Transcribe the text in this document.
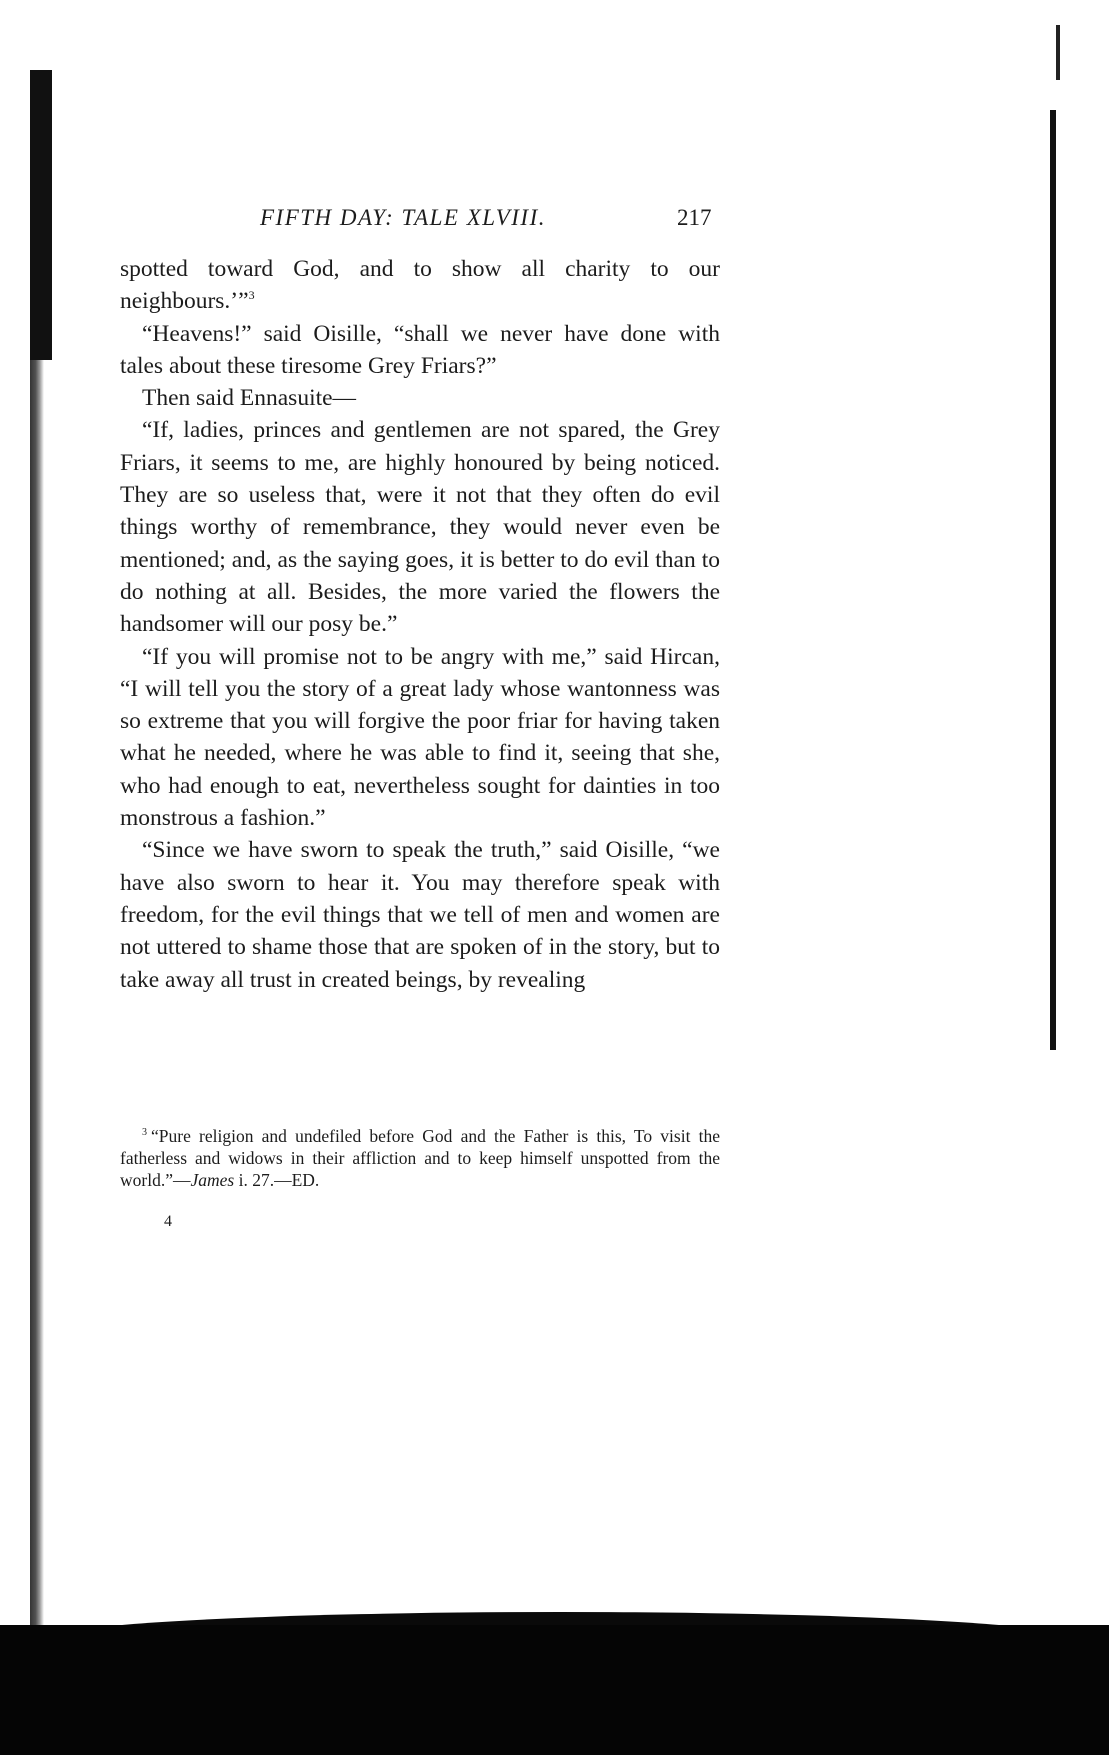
FIFTH DAY: TALE XLVIII.	217

spotted toward God, and to show all charity to our neighbours.’”$^3$

“Heavens!” said Oisille, “shall we never have done with tales about these tiresome Grey Friars?”

Then said Ennasuite—

“If, ladies, princes and gentlemen are not spared, the Grey Friars, it seems to me, are highly honoured by being noticed. They are so useless that, were it not that they often do evil things worthy of remembrance, they would never even be mentioned; and, as the saying goes, it is better to do evil than to do nothing at all. Besides, the more varied the flowers the handsomer will our posy be.”

“If you will promise not to be angry with me,” said Hircan, “I will tell you the story of a great lady whose wantonness was so extreme that you will forgive the poor friar for having taken what he needed, where he was able to find it, seeing that she, who had enough to eat, nevertheless sought for dainties in too monstrous a fashion.”

“Since we have sworn to speak the truth,” said Oisille, “we have also sworn to hear it. You may therefore speak with freedom, for the evil things that we tell of men and women are not uttered to shame those that are spoken of in the story, but to take away all trust in created beings, by revealing

$^3$ “Pure religion and undefiled before God and the Father is this, To visit the fatherless and widows in their affliction and to keep himself unspotted from the world.”—James i. 27.—ED.

4
